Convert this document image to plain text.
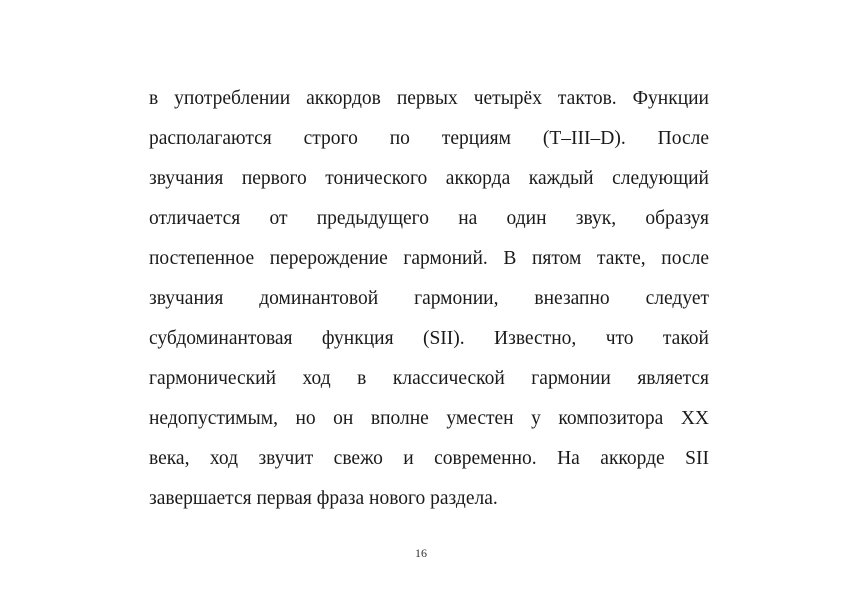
в употреблении аккордов первых четырёх тактов. Функции
располагаются строго по терциям (T–III–D). После
звучания первого тонического аккорда каждый следующий
отличается от предыдущего на один звук, образуя
постепенное перерождение гармоний. В пятом такте, после
звучания доминантовой гармонии, внезапно следует
субдоминантовая функция (SII). Известно, что такой
гармонический ход в классической гармонии является
недопустимым, но он вполне уместен у композитора XX
века, ход звучит свежо и современно. На аккорде SII
завершается первая фраза нового раздела.
16
